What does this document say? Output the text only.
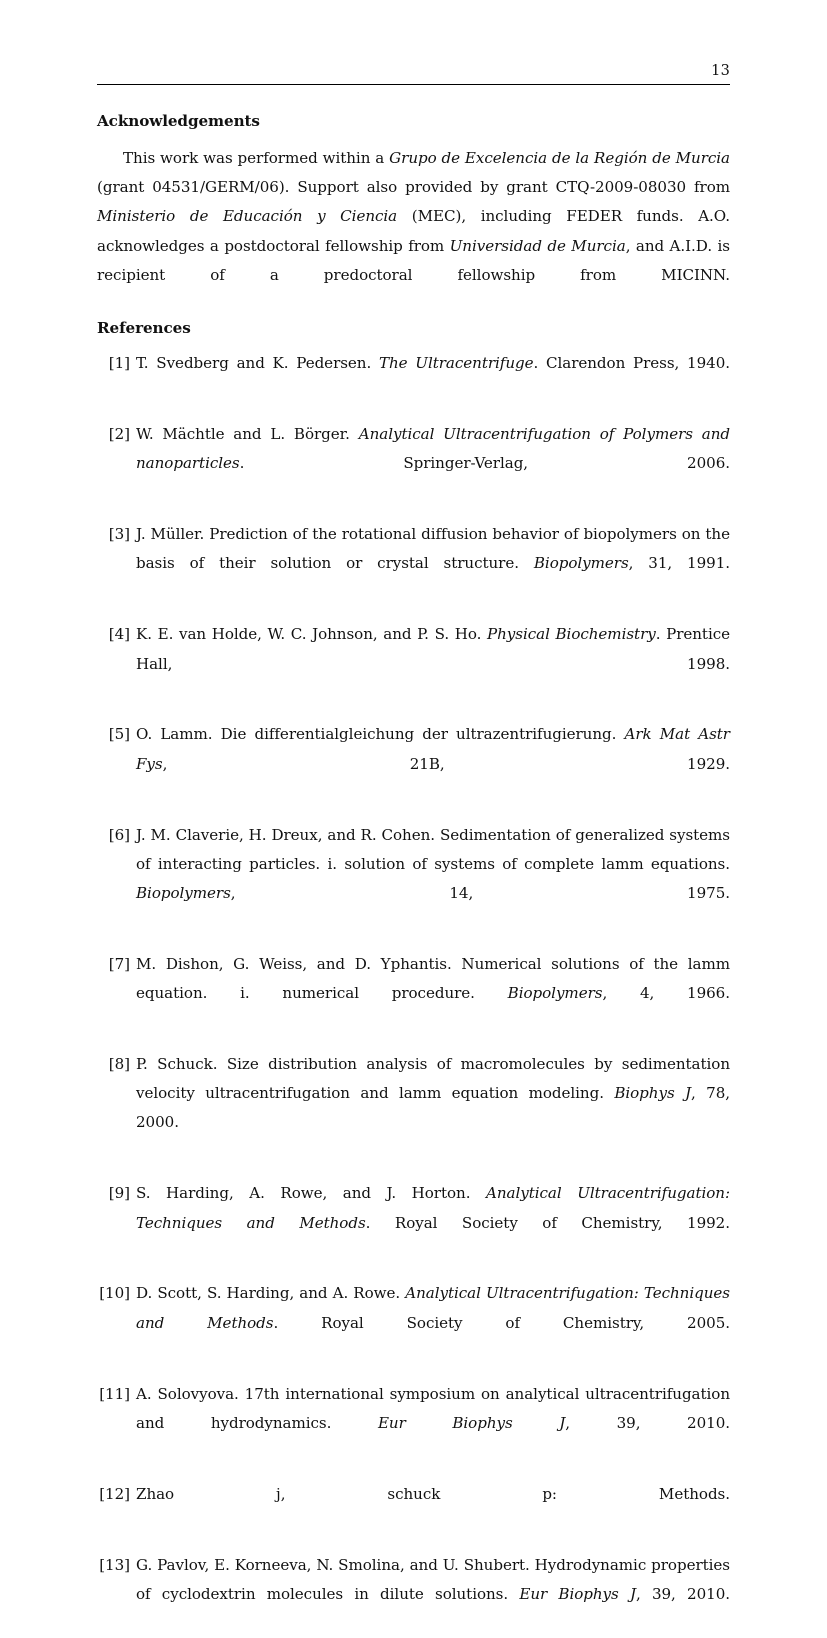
13
Acknowledgements

This work was performed within a Grupo de Excelencia de la Región de Murcia (grant 04531/GERM/06). Support also provided by grant CTQ-2009-08030 from Ministerio de Educación y Ciencia (MEC), including FEDER funds. A.O. acknowledges a postdoctoral fellowship from Universidad de Murcia, and A.I.D. is recipient of a predoctoral fellowship from MICINN.

References
[1] T. Svedberg and K. Pedersen. The Ultracentrifuge. Clarendon Press, 1940.
[2] W. Mächtle and L. Börger. Analytical Ultracentrifugation of Polymers and nanoparticles. Springer-Verlag, 2006.
[3] J. Müller. Prediction of the rotational diffusion behavior of biopolymers on the basis of their solution or crystal structure. Biopolymers, 31, 1991.
[4] K. E. van Holde, W. C. Johnson, and P. S. Ho. Physical Biochemistry. Prentice Hall, 1998.
[5] O. Lamm. Die differentialgleichung der ultrazentrifugierung. Ark Mat Astr Fys, 21B, 1929.
[6] J. M. Claverie, H. Dreux, and R. Cohen. Sedimentation of generalized systems of interacting particles. i. solution of systems of complete lamm equations. Biopolymers, 14, 1975.
[7] M. Dishon, G. Weiss, and D. Yphantis. Numerical solutions of the lamm equation. i. numerical procedure. Biopolymers, 4, 1966.
[8] P. Schuck. Size distribution analysis of macromolecules by sedimentation velocity ultracentrifugation and lamm equation modeling. Biophys J, 78, 2000.
[9] S. Harding, A. Rowe, and J. Horton. Analytical Ultracentrifugation: Techniques and Methods. Royal Society of Chemistry, 1992.
[10] D. Scott, S. Harding, and A. Rowe. Analytical Ultracentrifugation: Techniques and Methods. Royal Society of Chemistry, 2005.
[11] A. Solovyova. 17th international symposium on analytical ultracentrifugation and hydrodynamics. Eur Biophys J, 39, 2010.
[12] Zhao j, schuck p: Methods.
[13] G. Pavlov, E. Korneeva, N. Smolina, and U. Shubert. Hydrodynamic properties of cyclodextrin molecules in dilute solutions. Eur Biophys J, 39, 2010.
